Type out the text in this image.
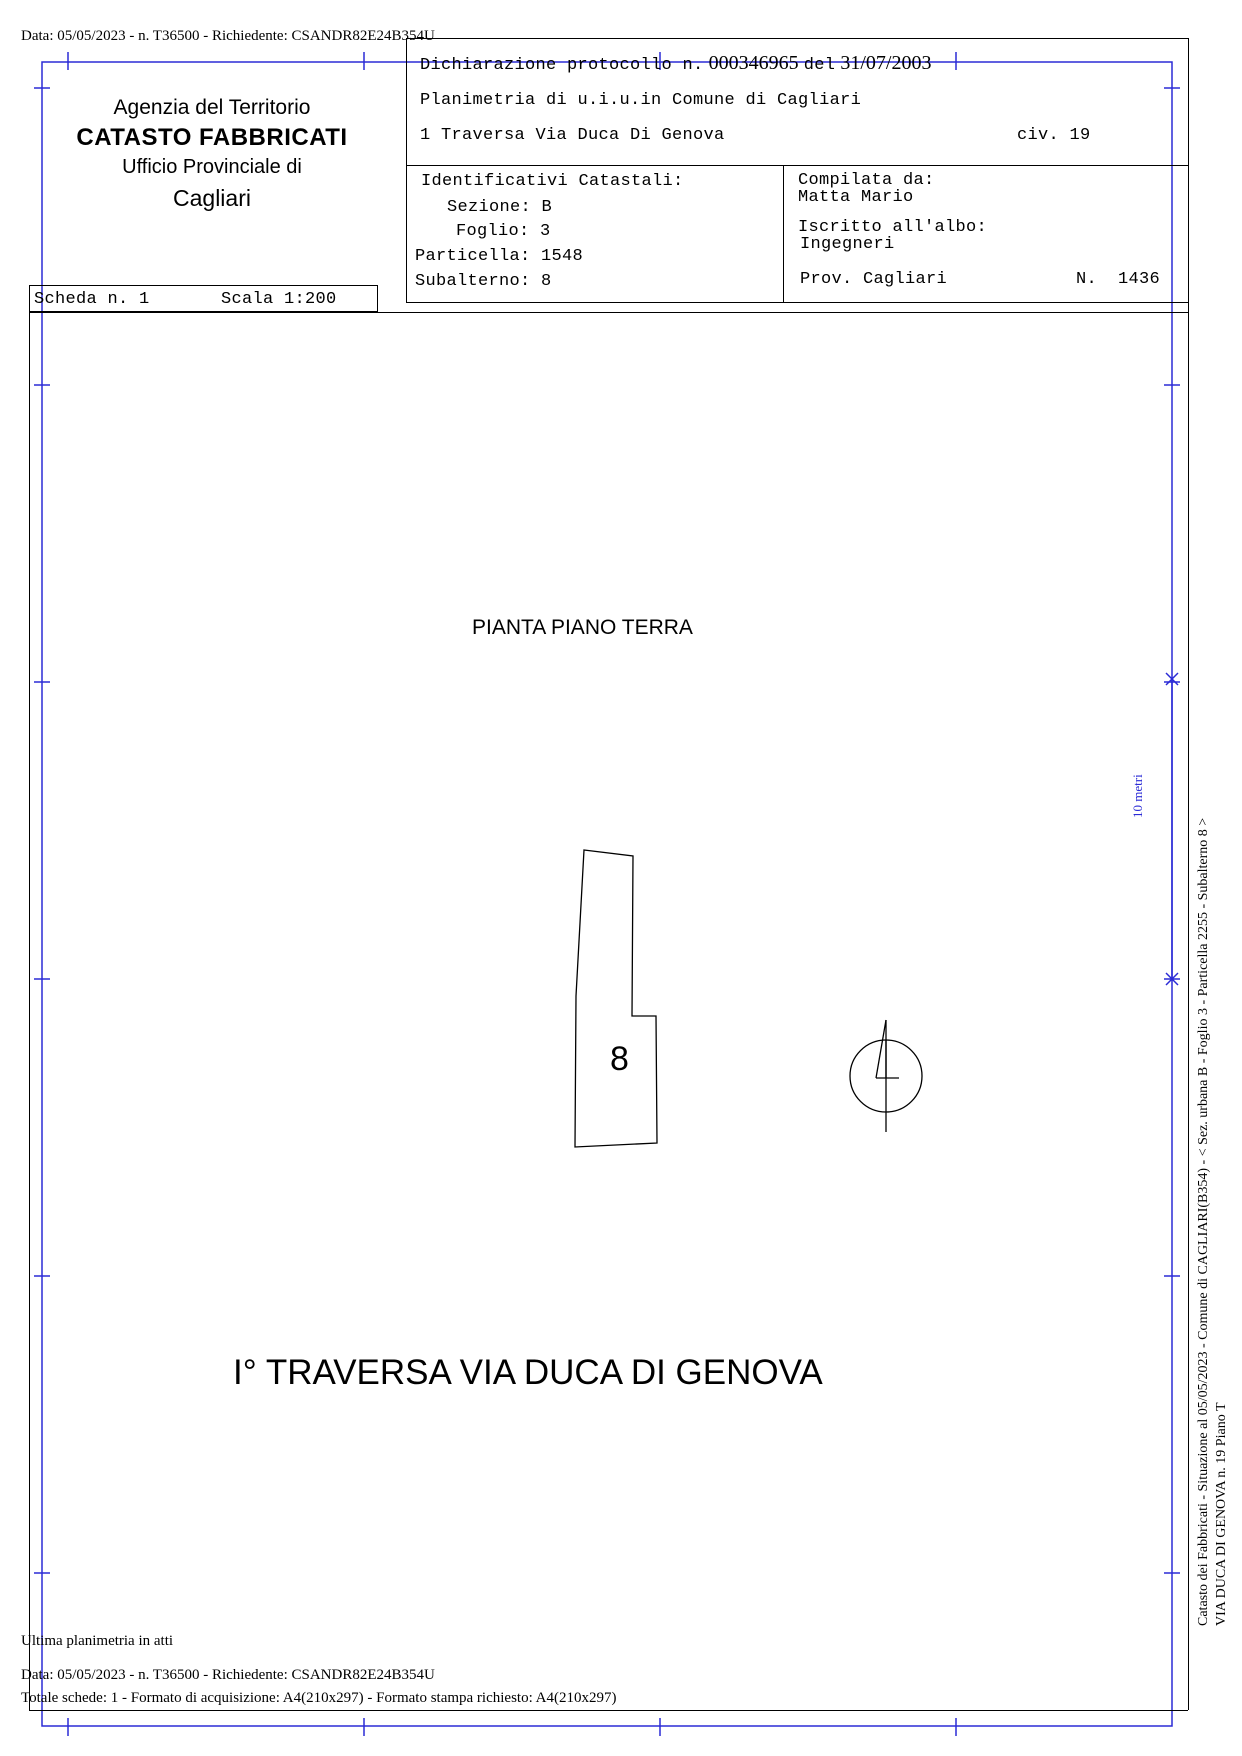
Data: 05/05/2023 - n. T36500 - Richiedente: CSANDR82E24B354U
Agenzia del Territorio
CATASTO FABBRICATI
Ufficio Provinciale di
Cagliari
Dichiarazione protocollo n. 000346965 del 31/07/2003
Planimetria di u.i.u.in Comune di Cagliari
1 Traversa Via Duca Di Genova	civ. 19
Identificativi Catastali:
Sezione: B
Foglio: 3
Particella: 1548
Subalterno: 8
Compilata da:
Matta Mario
Iscritto all'albo:
Ingegneri
Prov. Cagliari	N.  1436
Scheda n. 1	Scala 1:200
PIANTA PIANO TERRA
8
I° TRAVERSA VIA DUCA DI GENOVA
10 metri
Catasto dei Fabbricati - Situazione al 05/05/2023 - Comune di CAGLIARI(B354) - < Sez. urbana B - Foglio 3 - Particella 2255 - Subalterno 8 > VIA DUCA DI GENOVA n. 19 Piano T
Ultima planimetria in atti
Data: 05/05/2023 - n. T36500 - Richiedente: CSANDR82E24B354U
Totale schede: 1 - Formato di acquisizione: A4(210x297) - Formato stampa richiesto: A4(210x297)
